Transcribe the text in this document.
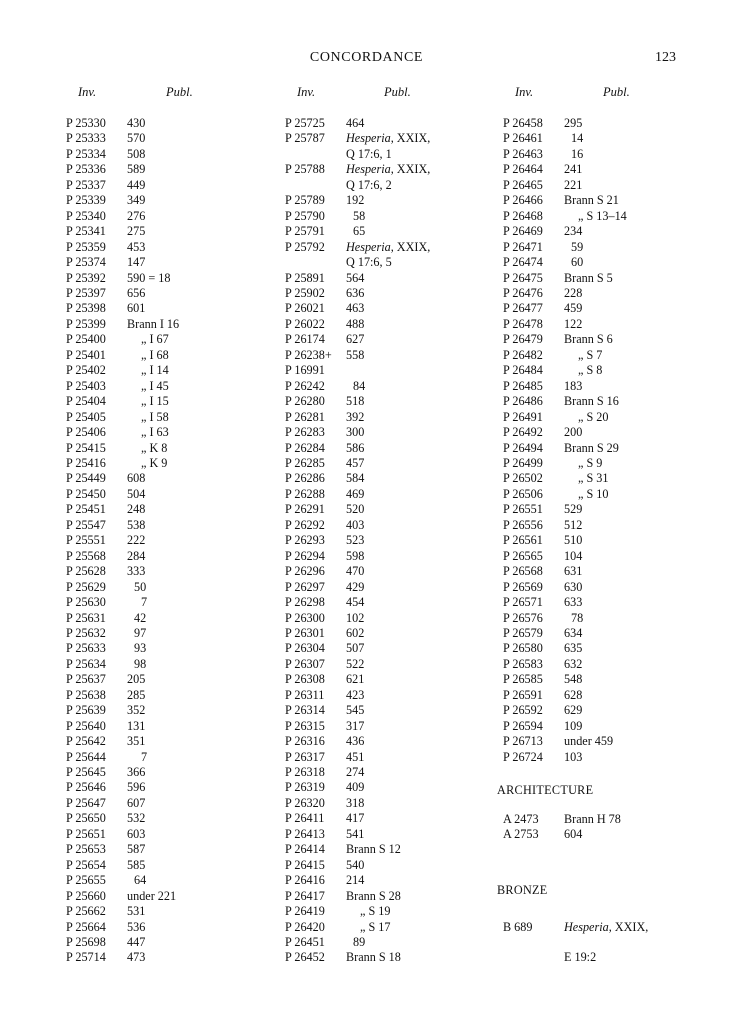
CONCORDANCE	123
Inv.	Publ.
P 25330 430
P 25333 570
P 25334 508
P 25336 589
P 25337 449
P 25339 349
P 25340 276
P 25341 275
P 25359 453
P 25374 147
P 25392 590 = 18
P 25397 656
P 25398 601
P 25399 Brann I 16
P 25400	„ I 67
P 25401	„ I 68
P 25402	„ I 14
P 25403	„ I 45
P 25404	„ I 15
P 25405	„ I 58
P 25406	„ I 63
P 25415	„ K 8
P 25416	„ K 9
P 25449 608
P 25450 504
P 25451 248
P 25547 538
P 25551 222
P 25568 284
P 25628 333
P 25629 50
P 25630	7
P 25631 42
P 25632 97
P 25633 93
P 25634 98
P 25637 205
P 25638 285
P 25639 352
P 25640 131
P 25642 351
P 25644	7
P 25645 366
P 25646 596
P 25647 607
P 25650 532
P 25651 603
P 25653 587
P 25654 585
P 25655 64
P 25660 under 221
P 25662 531
P 25664 536
P 25698 447
P 25714 473
Inv.	Publ.
P 25725 464
P 25787 Hesperia, XXIX,
Q 17:6, 1
P 25788 Hesperia, XXIX,
Q 17:6, 2
P 25789 192
P 25790 58
P 25791 65
P 25792 Hesperia, XXIX,
Q 17:6, 5
P 25891 564
P 25902 636
P 26021 463
P 26022 488
P 26174 627
P 26238+ 558
P 16991
P 26242 84
P 26280 518
P 26281 392
P 26283 300
P 26284 586
P 26285 457
P 26286 584
P 26288 469
P 26291 520
P 26292 403
P 26293 523
P 26294 598
P 26296 470
P 26297 429
P 26298 454
P 26300 102
P 26301 602
P 26304 507
P 26307 522
P 26308 621
P 26311 423
P 26314 545
P 26315 317
P 26316 436
P 26317 451
P 26318 274
P 26319 409
P 26320 318
P 26411 417
P 26413 541
P 26414 Brann S 12
P 26415 540
P 26416 214
P 26417 Brann S 28
P 26419	„ S 19
P 26420	„ S 17
P 26451 89
P 26452 Brann S 18
Inv.	Publ.
P 26458 295
P 26461 14
P 26463 16
P 26464 241
P 26465 221
P 26466 Brann S 21
P 26468	„ S 13–14
P 26469 234
P 26471 59
P 26474 60
P 26475 Brann S 5
P 26476 228
P 26477 459
P 26478 122
P 26479 Brann S 6
P 26482	„ S 7
P 26484	„ S 8
P 26485 183
P 26486 Brann S 16
P 26491	„ S 20
P 26492 200
P 26494 Brann S 29
P 26499	„ S 9
P 26502	„ S 31
P 26506	„ S 10
P 26551 529
P 26556 512
P 26561 510
P 26565 104
P 26568 631
P 26569 630
P 26571 633
P 26576 78
P 26579 634
P 26580 635
P 26583 632
P 26585 548
P 26591 628
P 26592 629
P 26594 109
P 26713 under 459
P 26724 103
ARCHITECTURE
A 2473 Brann H 78
A 2753 604
BRONZE
B 689	Hesperia, XXIX,
E 19:2
